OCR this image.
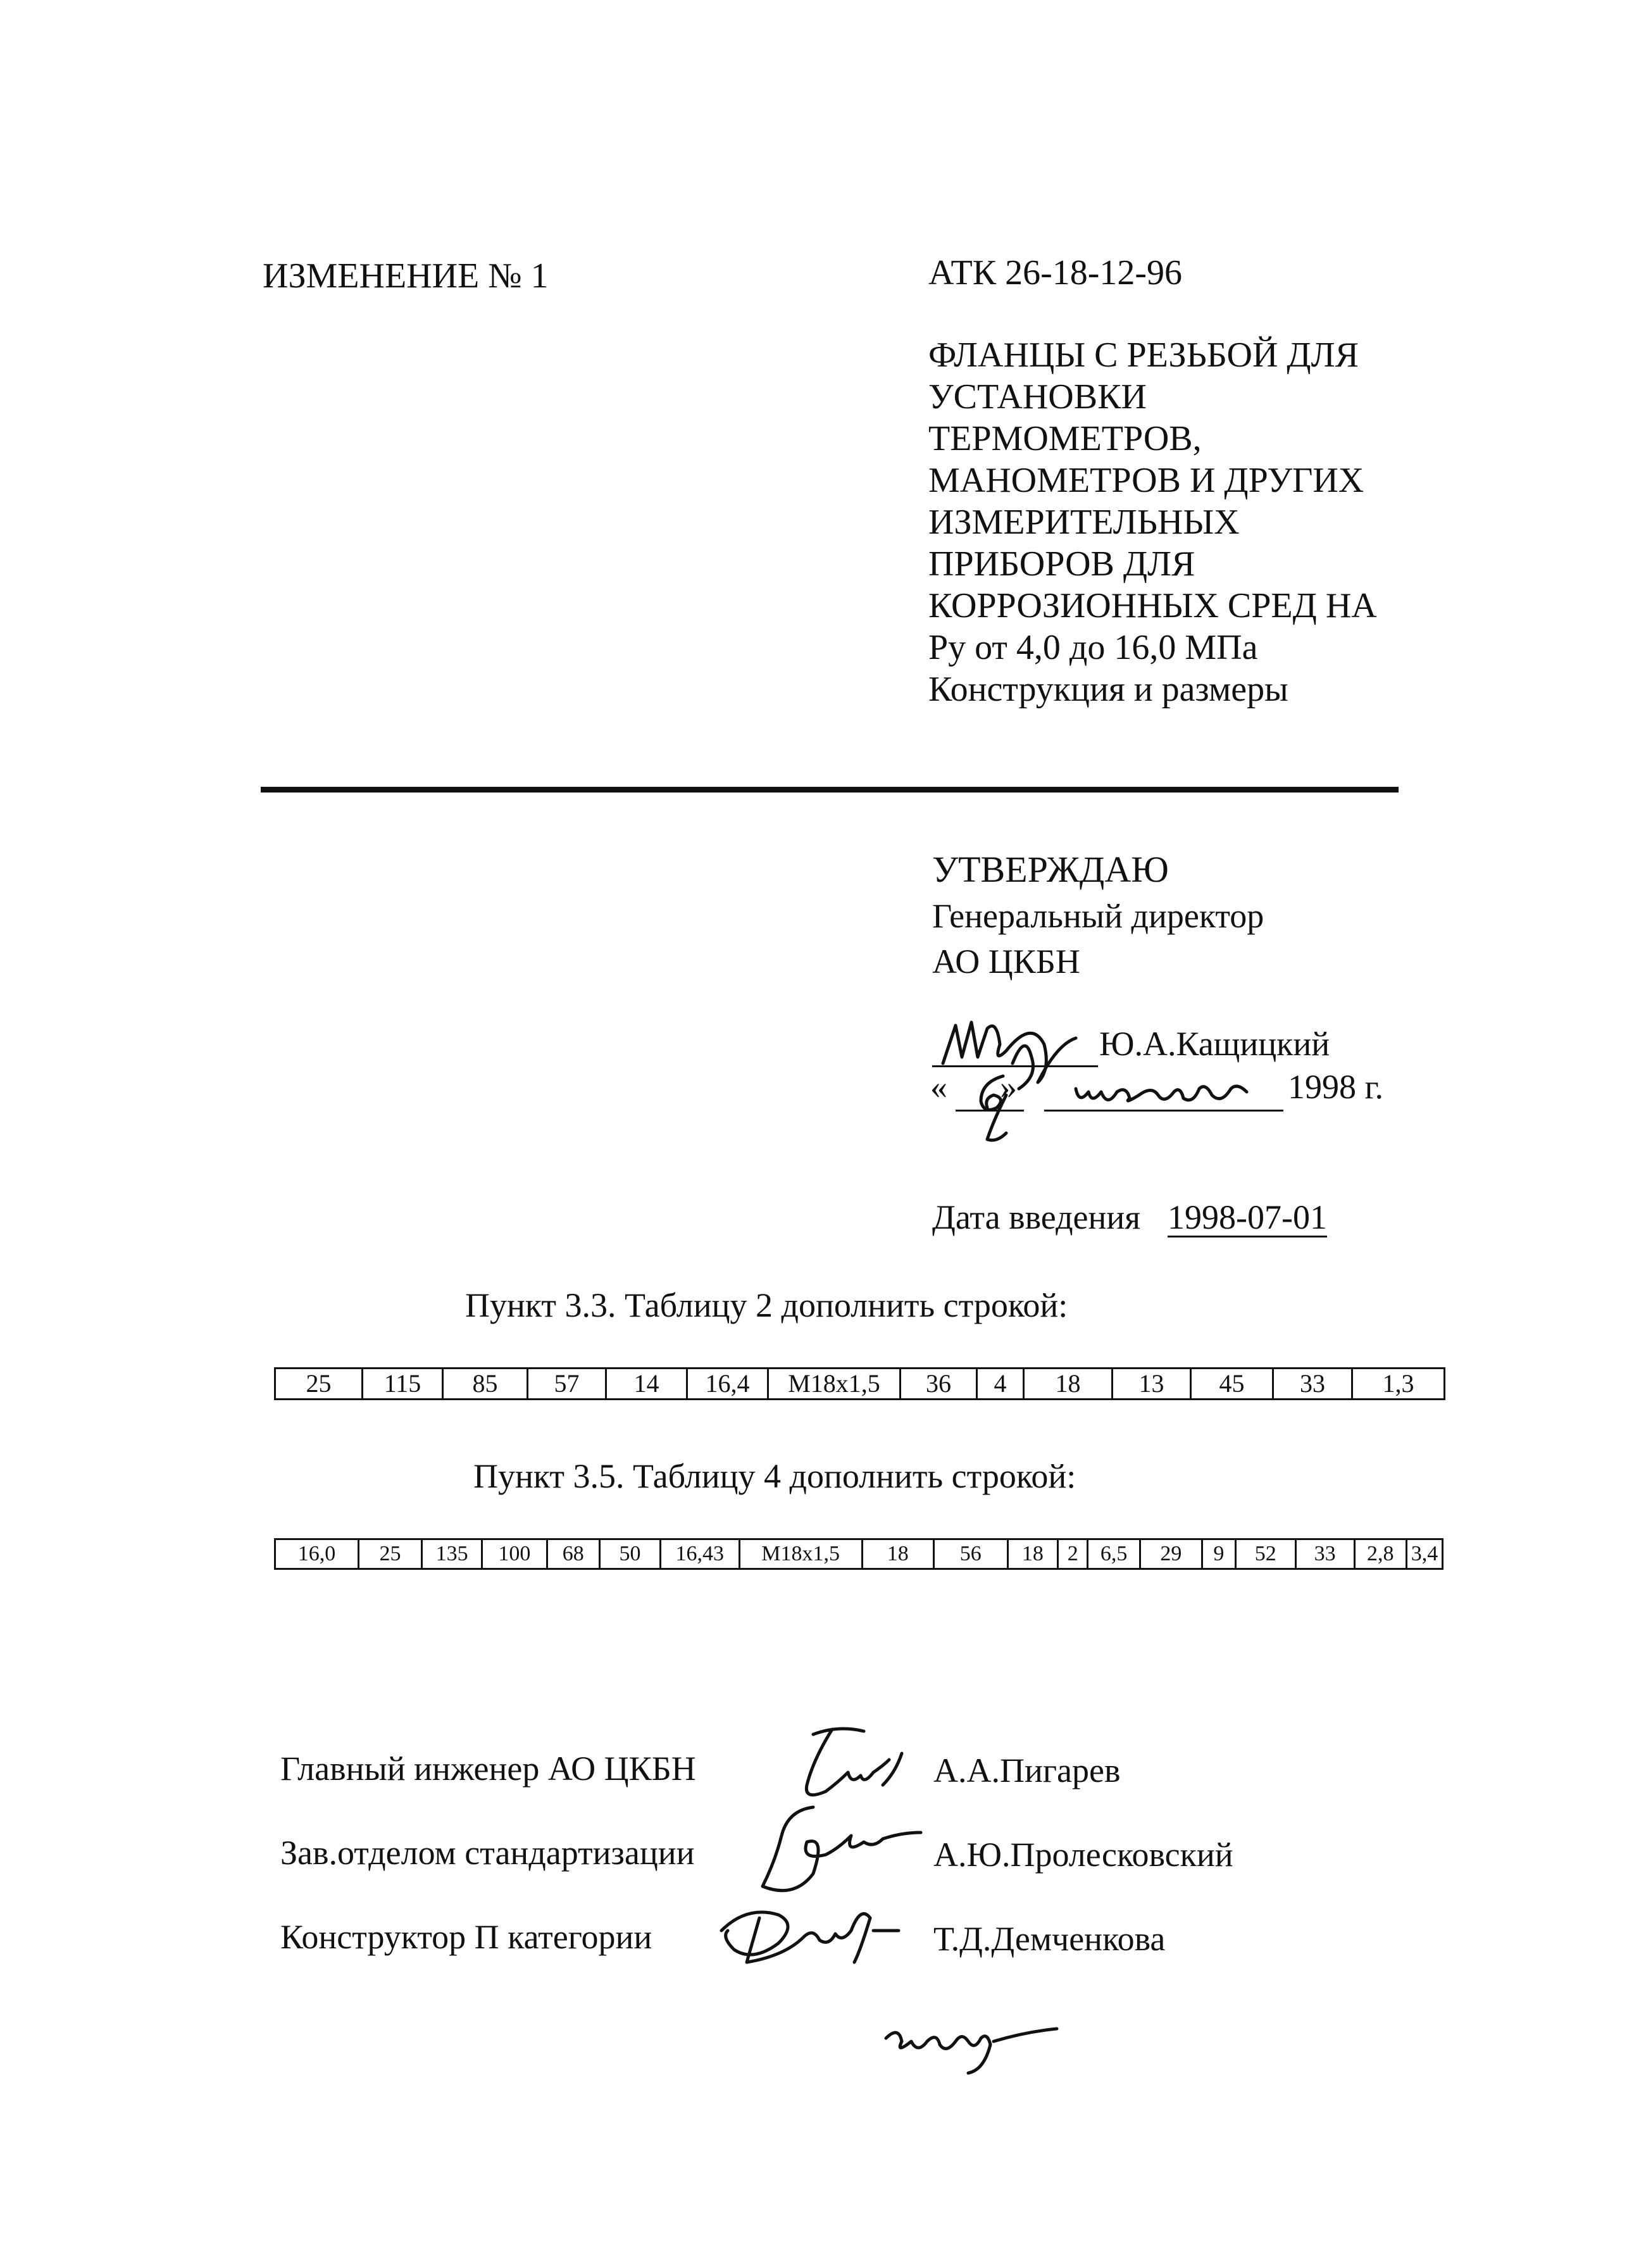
ИЗМЕНЕНИЕ № 1	АТК 26-18-12-96
ФЛАНЦЫ С РЕЗЬБОЙ ДЛЯ
УСТАНОВКИ
ТЕРМОМЕТРОВ,
МАНОМЕТРОВ И ДРУГИХ
ИЗМЕРИТЕЛЬНЫХ
ПРИБОРОВ ДЛЯ
КОРРОЗИОННЫХ СРЕД НА
Ру от 4,0 до 16,0 МПа
Конструкция и размеры
УТВЕРЖДАЮ
Генеральный директор
АО ЦКБН
Ю.А.Кащицкий
« »	1998 г.
Дата введения 1998-07-01
Пункт 3.3. Таблицу 2 дополнить строкой:
25	115	85	57	14	16,4	M18x1,5	36	4	18	13	45	33	1,3
Пункт 3.5. Таблицу 4 дополнить строкой:
16,0	25	135	100	68	50	16,43	M18x1,5	18	56	18	2	6,5	29	9	52	33	2,8	3,4
Главный инженер АО ЦКБН	А.А.Пигарев
Зав.отделом стандартизации	А.Ю.Пролесковский
Конструктор П категории	Т.Д.Демченкова
